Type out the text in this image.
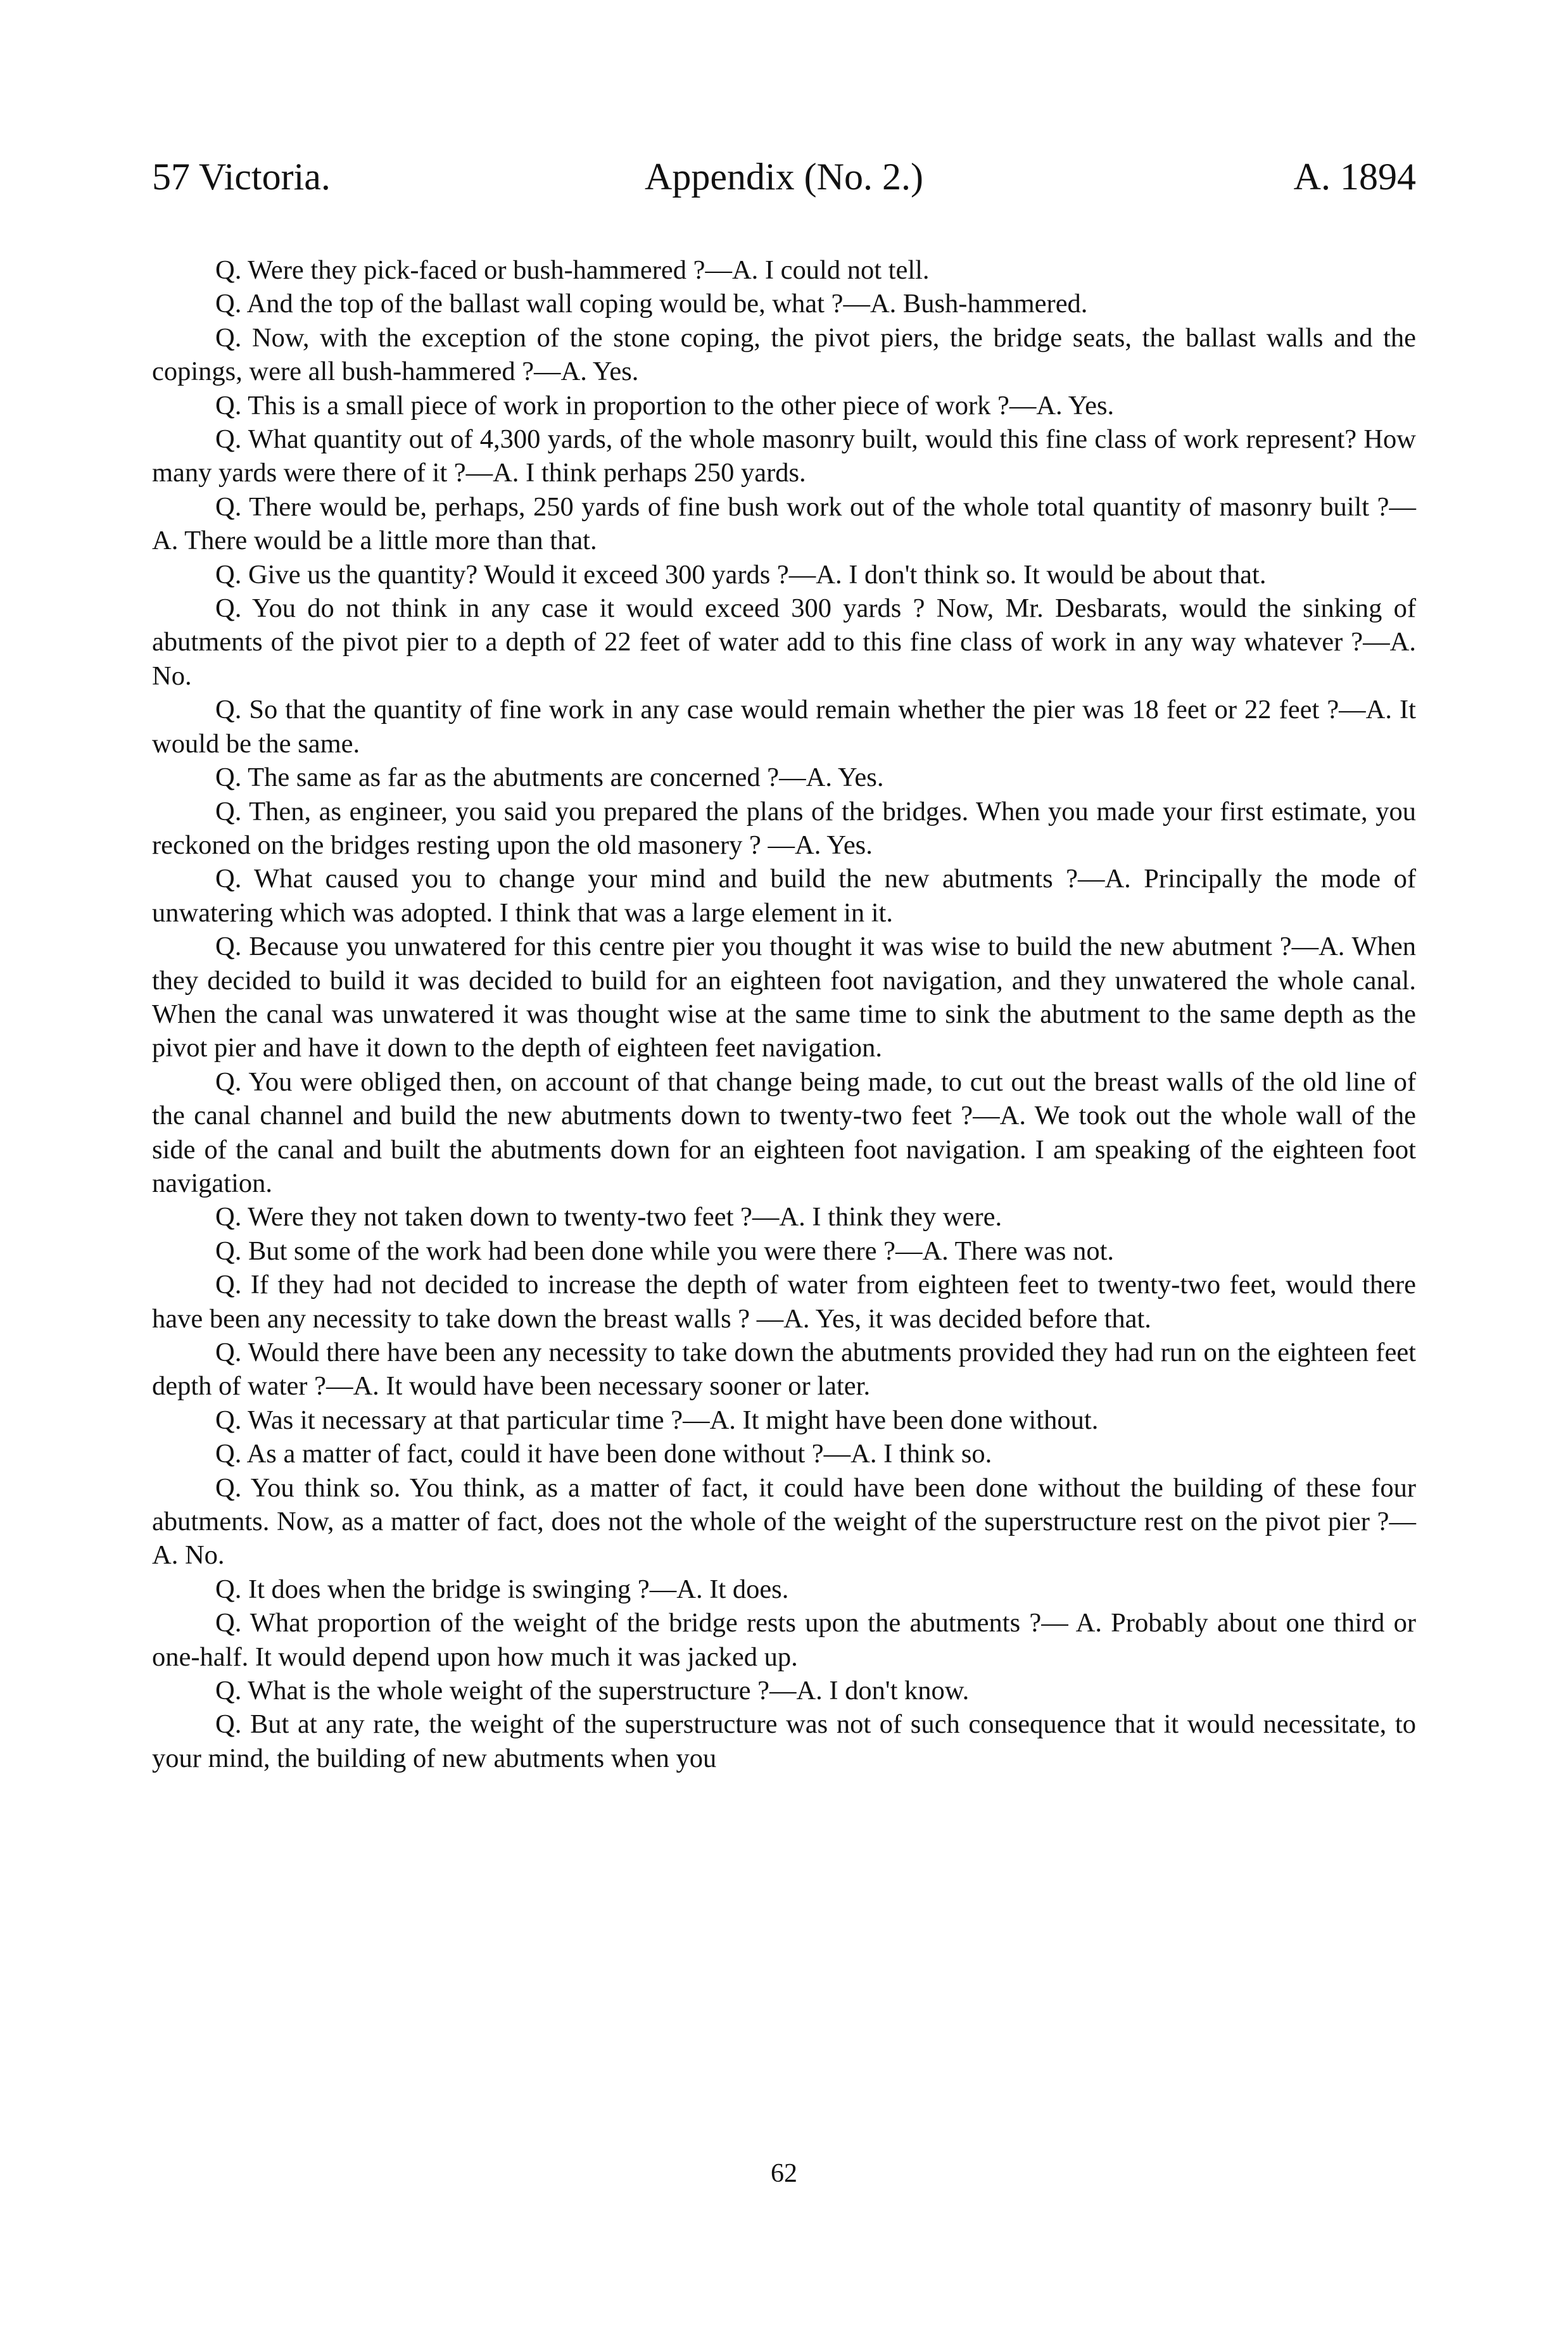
57 Victoria.	Appendix (No. 2.)	A. 1894

Q. Were they pick-faced or bush-hammered ?—A. I could not tell.

Q. And the top of the ballast wall coping would be, what ?—A. Bush-hammered.

Q. Now, with the exception of the stone coping, the pivot piers, the bridge seats, the ballast walls and the copings, were all bush-hammered ?—A. Yes.

Q. This is a small piece of work in proportion to the other piece of work ?—A. Yes.

Q. What quantity out of 4,300 yards, of the whole masonry built, would this fine class of work represent? How many yards were there of it ?—A. I think perhaps 250 yards.

Q. There would be, perhaps, 250 yards of fine bush work out of the whole total quantity of masonry built ?—A. There would be a little more than that.

Q. Give us the quantity? Would it exceed 300 yards ?—A. I don't think so. It would be about that.

Q. You do not think in any case it would exceed 300 yards ? Now, Mr. Desbarats, would the sinking of abutments of the pivot pier to a depth of 22 feet of water add to this fine class of work in any way whatever ?—A. No.

Q. So that the quantity of fine work in any case would remain whether the pier was 18 feet or 22 feet ?—A. It would be the same.

Q. The same as far as the abutments are concerned ?—A. Yes.

Q. Then, as engineer, you said you prepared the plans of the bridges. When you made your first estimate, you reckoned on the bridges resting upon the old masonery ? —A. Yes.

Q. What caused you to change your mind and build the new abutments ?—A. Principally the mode of unwatering which was adopted. I think that was a large element in it.

Q. Because you unwatered for this centre pier you thought it was wise to build the new abutment ?—A. When they decided to build it was decided to build for an eighteen foot navigation, and they unwatered the whole canal. When the canal was unwatered it was thought wise at the same time to sink the abutment to the same depth as the pivot pier and have it down to the depth of eighteen feet navigation.

Q. You were obliged then, on account of that change being made, to cut out the breast walls of the old line of the canal channel and build the new abutments down to twenty-two feet ?—A. We took out the whole wall of the side of the canal and built the abutments down for an eighteen foot navigation. I am speaking of the eighteen foot navigation.

Q. Were they not taken down to twenty-two feet ?—A. I think they were.

Q. But some of the work had been done while you were there ?—A. There was not.

Q. If they had not decided to increase the depth of water from eighteen feet to twenty-two feet, would there have been any necessity to take down the breast walls ? —A. Yes, it was decided before that.

Q. Would there have been any necessity to take down the abutments provided they had run on the eighteen feet depth of water ?—A. It would have been necessary sooner or later.

Q. Was it necessary at that particular time ?—A. It might have been done without.

Q. As a matter of fact, could it have been done without ?—A. I think so.

Q. You think so. You think, as a matter of fact, it could have been done without the building of these four abutments. Now, as a matter of fact, does not the whole of the weight of the superstructure rest on the pivot pier ?—A. No.

Q. It does when the bridge is swinging ?—A. It does.

Q. What proportion of the weight of the bridge rests upon the abutments ?— A. Probably about one third or one-half. It would depend upon how much it was jacked up.

Q. What is the whole weight of the superstructure ?—A. I don't know.

Q. But at any rate, the weight of the superstructure was not of such consequence that it would necessitate, to your mind, the building of new abutments when you

62
